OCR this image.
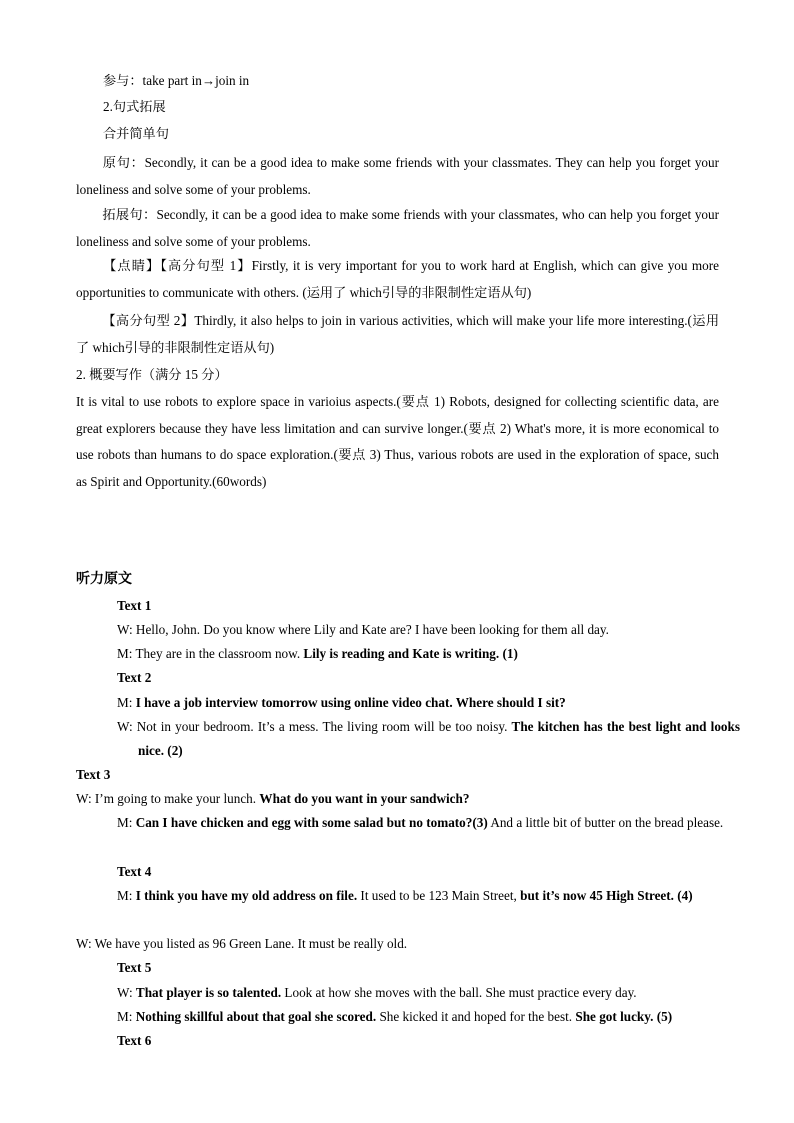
参与：take part in→join in
2.句式拓展
合并简单句
原句：Secondly, it can be a good idea to make some friends with your classmates. They can help you forget your loneliness and solve some of your problems.
拓展句：Secondly, it can be a good idea to make some friends with your classmates, who can help you forget your loneliness and solve some of your problems.
【点睛】【高分句型 1】Firstly, it is very important for you to work hard at English, which can give you more opportunities to communicate with others. (运用了 which引导的非限制性定语从句)
【高分句型 2】Thirdly, it also helps to join in various activities, which will make your life more interesting.(运用了 which引导的非限制性定语从句)
2. 概要写作（满分 15 分）
It is vital to use robots to explore space in varioius aspects.(要点 1) Robots, designed for collecting scientific data, are great explorers because they have less limitation and can survive longer.(要点 2) What's more, it is more economical to use robots than humans to do space exploration.(要点 3) Thus, various robots are used in the exploration of space, such as Spirit and Opportunity.(60words)
听力原文
Text 1
W: Hello, John. Do you know where Lily and Kate are? I have been looking for them all day.
M: They are in the classroom now. Lily is reading and Kate is writing. (1)
Text 2
M: I have a job interview tomorrow using online video chat. Where should I sit?
W: Not in your bedroom. It’s a mess. The living room will be too noisy. The kitchen has the best light and looks nice. (2)
Text 3
W: I’m going to make your lunch. What do you want in your sandwich?
M: Can I have chicken and egg with some salad but no tomato?(3) And a little bit of butter on the bread please.
Text 4
M: I think you have my old address on file. It used to be 123 Main Street, but it’s now 45 High Street. (4)
W: We have you listed as 96 Green Lane. It must be really old.
Text 5
W: That player is so talented. Look at how she moves with the ball. She must practice every day.
M: Nothing skillful about that goal she scored. She kicked it and hoped for the best. She got lucky. (5)
Text 6
